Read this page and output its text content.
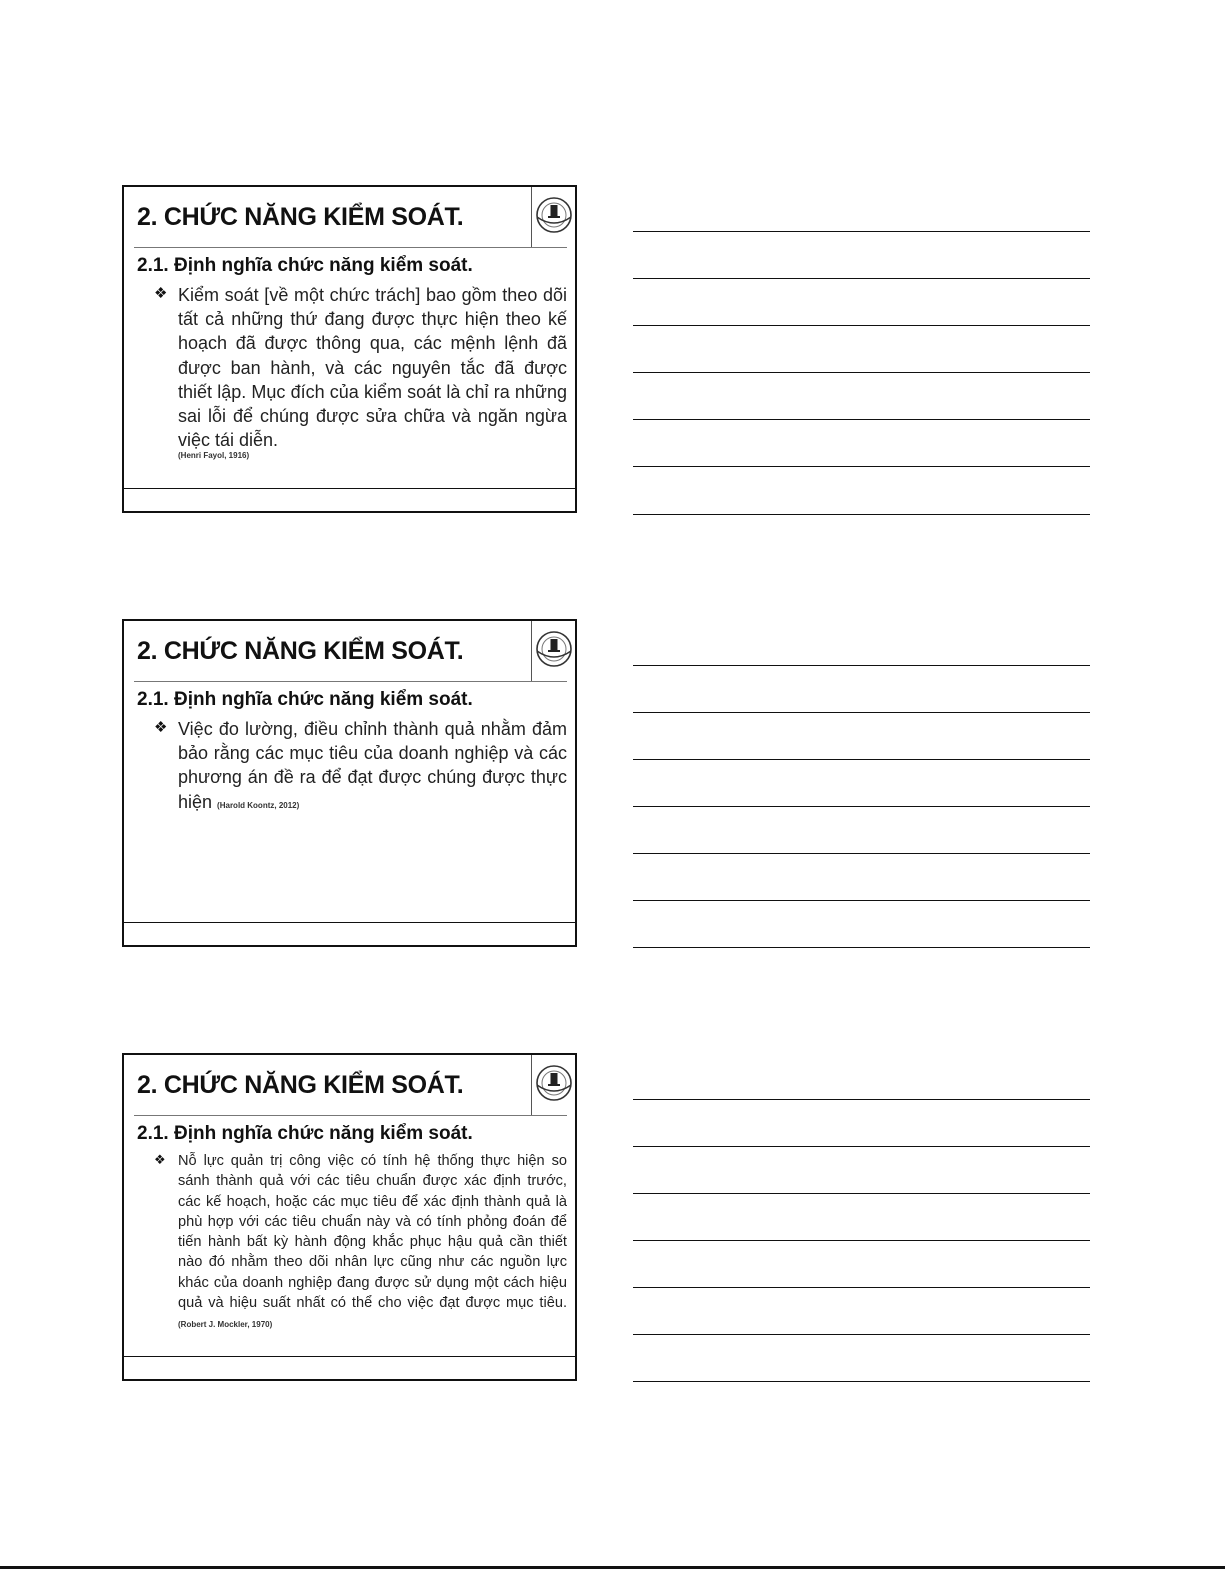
2. CHỨC NĂNG KIỂM SOÁT.
2.1. Định nghĩa chức năng kiểm soát.
❖ Kiểm soát [về một chức trách] bao gồm theo dõi tất cả những thứ đang được thực hiện theo kế hoạch đã được thông qua, các mệnh lệnh đã được ban hành, và các nguyên tắc đã được thiết lập. Mục đích của kiểm soát là chỉ ra những sai lỗi để chúng được sửa chữa và ngăn ngừa việc tái diễn.
(Henri Fayol, 1916)
2. CHỨC NĂNG KIỂM SOÁT.
2.1. Định nghĩa chức năng kiểm soát.
❖ Việc đo lường, điều chỉnh thành quả nhằm đảm bảo rằng các mục tiêu của doanh nghiệp và các phương án đề ra để đạt được chúng được thực hiện (Harold Koontz, 2012)
2. CHỨC NĂNG KIỂM SOÁT.
2.1. Định nghĩa chức năng kiểm soát.
❖ Nỗ lực quản trị công việc có tính hệ thống thực hiện so sánh thành quả với các tiêu chuẩn được xác định trước, các kế hoạch, hoặc các mục tiêu để xác định thành quả là phù hợp với các tiêu chuẩn này và có tính phỏng đoán để tiến hành bất kỳ hành động khắc phục hậu quả cần thiết nào đó nhằm theo dõi nhân lực cũng như các nguồn lực khác của doanh nghiệp đang được sử dụng một cách hiệu quả và hiệu suất nhất có thể cho việc đạt được mục tiêu. (Robert J. Mockler, 1970)
